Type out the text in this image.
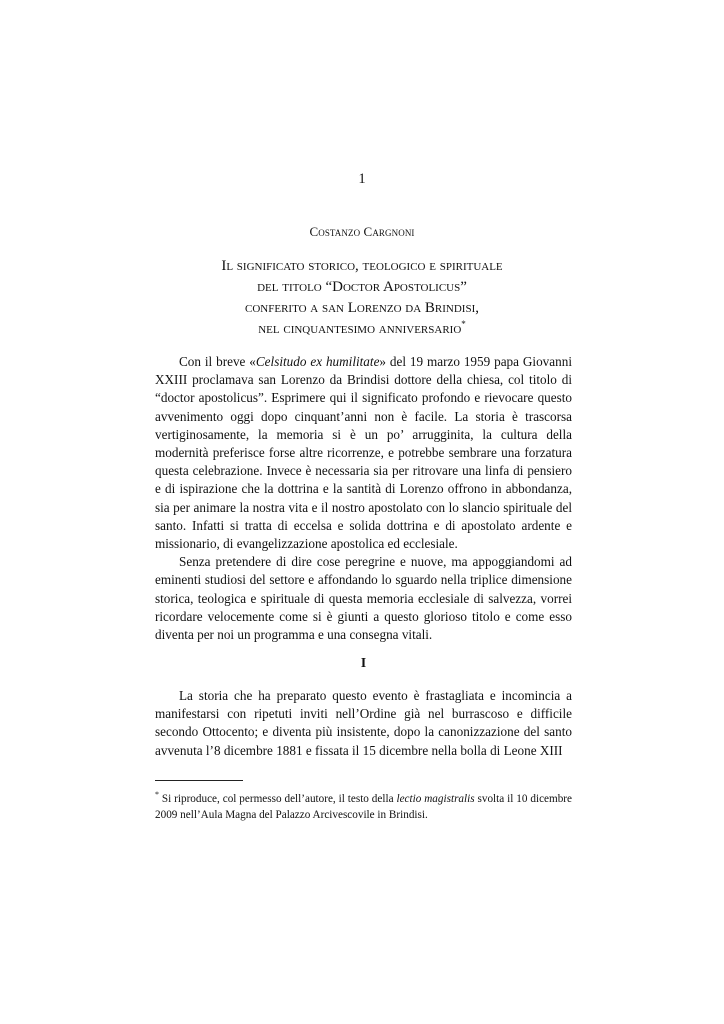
1
Costanzo Cargnoni
Il significato storico, teologico e spirituale
del titolo “Doctor Apostolicus”
conferito a san Lorenzo da Brindisi,
nel cinquantesimo anniversario*

Con il breve «Celsitudo ex humilitate» del 19 marzo 1959 papa Giovanni XXIII proclamava san Lorenzo da Brindisi dottore della chiesa, col titolo di “doctor apostolicus”. Esprimere qui il significato profondo e rievocare questo avvenimento oggi dopo cinquant’anni non è facile. La storia è trascorsa vertiginosamente, la memoria si è un po’ arrugginita, la cultura della modernità preferisce forse altre ricorrenze, e potrebbe sembrare una forzatura questa celebrazione. Invece è necessaria sia per ritrovare una linfa di pensiero e di ispirazione che la dottrina e la santità di Lorenzo offrono in abbondanza, sia per animare la nostra vita e il nostro apostolato con lo slancio spirituale del santo. Infatti si tratta di eccelsa e solida dottrina e di apostolato ardente e missionario, di evangelizzazione apostolica ed ecclesiale.

Senza pretendere di dire cose peregrine e nuove, ma appoggiandomi ad eminenti studiosi del settore e affondando lo sguardo nella triplice dimensione storica, teologica e spirituale di questa memoria ecclesiale di salvezza, vorrei ricordare velocemente come si è giunti a questo glorioso titolo e come esso diventa per noi un programma e una consegna vitali.

I

La storia che ha preparato questo evento è frastagliata e incomincia a manifestarsi con ripetuti inviti nell’Ordine già nel burrascoso e difficile secondo Ottocento; e diventa più insistente, dopo la canonizzazione del santo avvenuta l’8 dicembre 1881 e fissata il 15 dicembre nella bolla di Leone XIII

* Si riproduce, col permesso dell’autore, il testo della lectio magistralis svolta il 10 dicembre 2009 nell’Aula Magna del Palazzo Arcivescovile in Brindisi.
